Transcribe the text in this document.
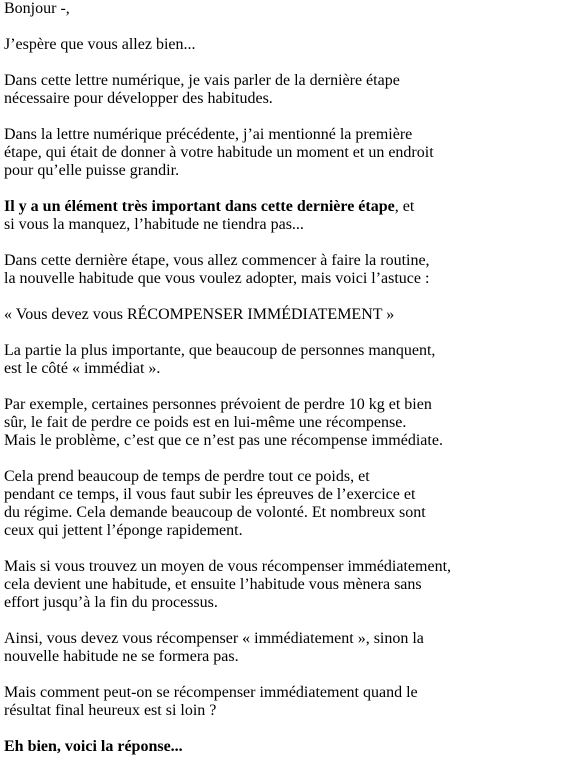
Bonjour -,

J’espère que vous allez bien...

Dans cette lettre numérique, je vais parler de la dernière étape
nécessaire pour développer des habitudes.

Dans la lettre numérique précédente, j’ai mentionné la première
étape, qui était de donner à votre habitude un moment et un endroit
pour qu’elle puisse grandir.

Il y a un élément très important dans cette dernière étape, et
si vous la manquez, l’habitude ne tiendra pas...

Dans cette dernière étape, vous allez commencer à faire la routine,
la nouvelle habitude que vous voulez adopter, mais voici l’astuce :

« Vous devez vous RÉCOMPENSER IMMÉDIATEMENT »

La partie la plus importante, que beaucoup de personnes manquent,
est le côté « immédiat ».

Par exemple, certaines personnes prévoient de perdre 10 kg et bien
sûr, le fait de perdre ce poids est en lui-même une récompense.
Mais le problème, c’est que ce n’est pas une récompense immédiate.

Cela prend beaucoup de temps de perdre tout ce poids, et
pendant ce temps, il vous faut subir les épreuves de l’exercice et
du régime. Cela demande beaucoup de volonté. Et nombreux sont
ceux qui jettent l’éponge rapidement.

Mais si vous trouvez un moyen de vous récompenser immédiatement,
cela devient une habitude, et ensuite l’habitude vous mènera sans
effort jusqu’à la fin du processus.

Ainsi, vous devez vous récompenser « immédiatement », sinon la
nouvelle habitude ne se formera pas.

Mais comment peut-on se récompenser immédiatement quand le
résultat final heureux est si loin ?

Eh bien, voici la réponse...
